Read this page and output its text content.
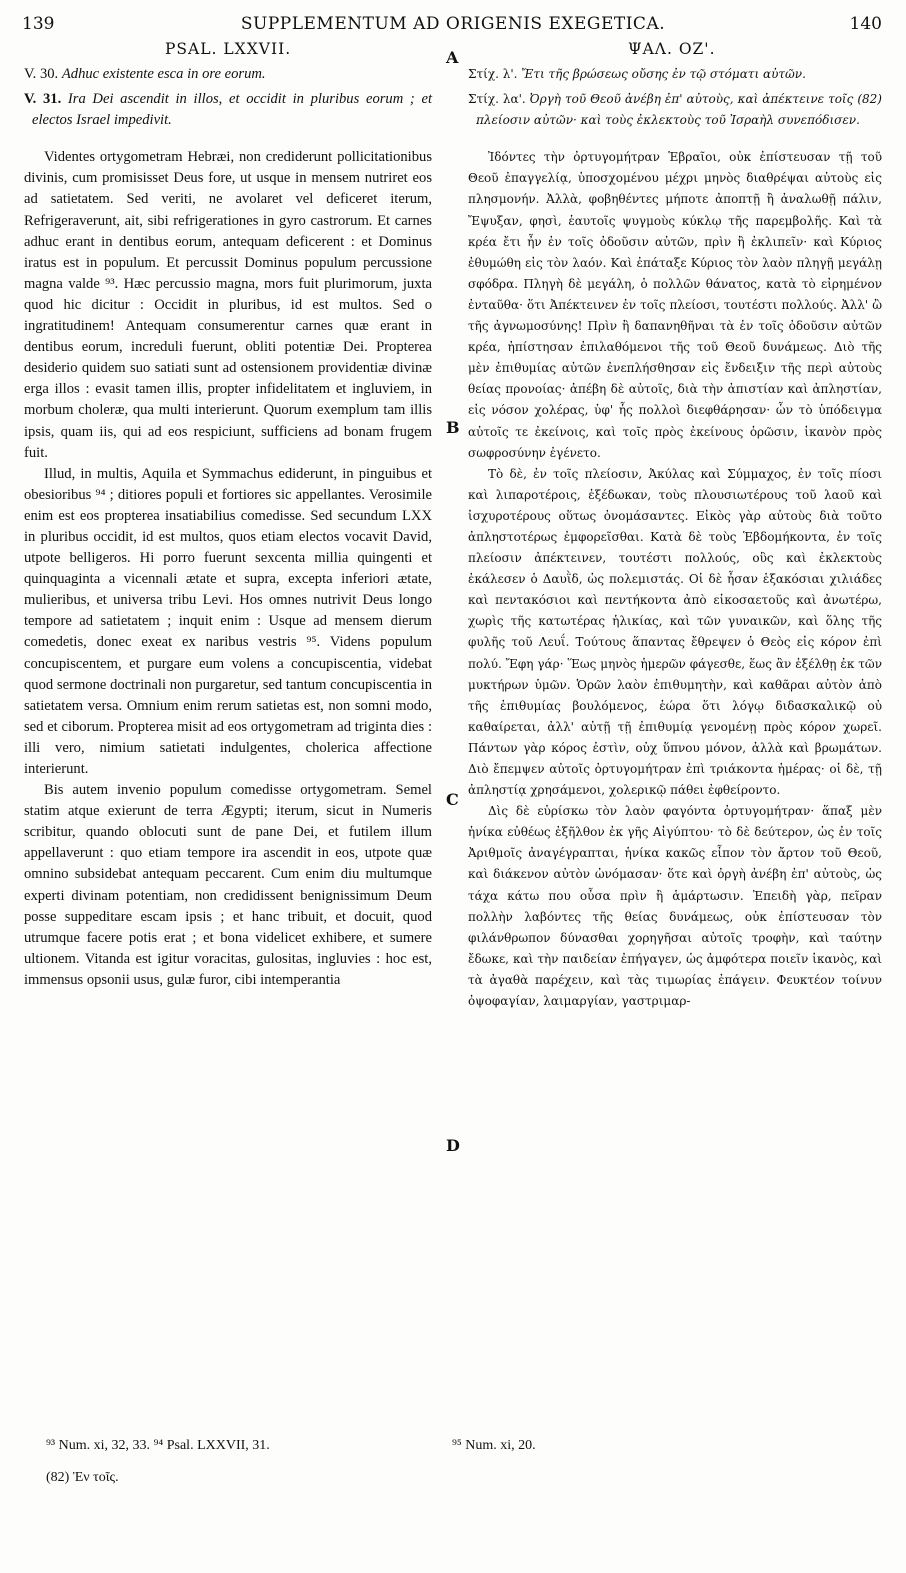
139	SUPPLEMENTUM AD ORIGENIS EXEGETICA.	140
PSAL. LXXVII.	ΨΑΛ. ΟΖ'.
A
B
C
D

V. 30. Adhuc existente esca in ore eorum.

V. 31. Ira Dei ascendit in illos, et occidit in pluribus eorum ; et electos Israel impedivit.

Videntes ortygometram Hebræi, non crediderunt pollicitationibus divinis, cum promisisset Deus fore, ut usque in mensem nutriret eos ad satietatem. Sed veriti, ne avolaret vel deficeret iterum, Refrigeraverunt, ait, sibi refrigerationes in gyro castrorum. Et carnes adhuc erant in dentibus eorum, antequam deficerent : et Dominus iratus est in populum. Et percussit Dominus populum percussione magna valde ⁹³. Hæc percussio magna, mors fuit plurimorum, juxta quod hic dicitur : Occidit in pluribus, id est multos. Sed o ingratitudinem! Antequam consumerentur carnes quæ erant in dentibus eorum, increduli fuerunt, obliti potentiæ Dei. Propterea desiderio quidem suo satiati sunt ad ostensionem providentiæ divinæ erga illos : evasit tamen illis, propter infidelitatem et ingluviem, in morbum choleræ, qua multi interierunt. Quorum exemplum tam illis ipsis, quam iis, qui ad eos respiciunt, sufficiens ad bonam frugem fuit.

Illud, in multis, Aquila et Symmachus ediderunt, in pinguibus et obesioribus ⁹⁴ ; ditiores populi et fortiores sic appellantes. Verosimile enim est eos propterea insatiabilius comedisse. Sed secundum LXX in pluribus occidit, id est multos, quos etiam electos vocavit David, utpote belligeros. Hi porro fuerunt sexcenta millia quingenti et quinquaginta a vicennali ætate et supra, excepta inferiori ætate, mulieribus, et universa tribu Levi. Hos omnes nutrivit Deus longo tempore ad satietatem ; inquit enim : Usque ad mensem dierum comedetis, donec exeat ex naribus vestris ⁹⁵. Videns populum concupiscentem, et purgare eum volens a concupiscentia, videbat quod sermone doctrinali non purgaretur, sed tantum concupiscentia in satietatem versa. Omnium enim rerum satietas est, non somni modo, sed et ciborum. Propterea misit ad eos ortygometram ad triginta dies : illi vero, nimium satietati indulgentes, cholerica affectione interierunt.

Bis autem invenio populum comedisse ortygometram. Semel statim atque exierunt de terra Ægypti; iterum, sicut in Numeris scribitur, quando oblocuti sunt de pane Dei, et futilem illum appellaverunt : quo etiam tempore ira ascendit in eos, utpote quæ omnino subsidebat antequam peccarent. Cum enim diu multumque experti divinam potentiam, non credidissent benignissimum Deum posse suppeditare escam ipsis ; et hanc tribuit, et docuit, quod utrumque facere potis erat ; et bona videlicet exhibere, et sumere ultionem. Vitanda est igitur voracitas, gulositas, ingluvies : hoc est, immensus opsonii usus, gulæ furor, cibi intemperantia

Στίχ. λ'. Ἔτι τῆς βρώσεως οὔσης ἐν τῷ στόματι αὐτῶν.

Στίχ. λα'. Ὀργὴ τοῦ Θεοῦ ἀνέβη ἐπ' αὐτοὺς, καὶ ἀπέκτεινε τοῖς (82) πλείοσιν αὐτῶν· καὶ τοὺς ἐκλεκτοὺς τοῦ Ἰσραὴλ συνεπόδισεν.

Ἰδόντες τὴν ὀρτυγομήτραν Ἑβραῖοι, οὐκ ἐπίστευσαν τῇ τοῦ Θεοῦ ἐπαγγελίᾳ, ὑποσχομένου μέχρι μηνὸς διαθρέψαι αὐτοὺς εἰς πλησμονήν. Ἀλλὰ, φοβηθέντες μήποτε ἀποπτῇ ἢ ἀναλωθῇ πάλιν, Ἔψυξαν, φησὶ, ἑαυτοῖς ψυγμοὺς κύκλῳ τῆς παρεμβολῆς. Καὶ τὰ κρέα ἔτι ἦν ἐν τοῖς ὀδοῦσιν αὐτῶν, πρὶν ἢ ἐκλιπεῖν· καὶ Κύριος ἐθυμώθη εἰς τὸν λαόν. Καὶ ἐπάταξε Κύριος τὸν λαὸν πληγῇ μεγάλῃ σφόδρα. Πληγὴ δὲ μεγάλη, ὁ πολλῶν θάνατος, κατὰ τὸ εἰρημένον ἐνταῦθα· ὅτι Ἀπέκτεινεν ἐν τοῖς πλείοσι, τουτέστι πολλούς. Ἀλλ' ὢ τῆς ἀγνωμοσύνης! Πρὶν ἢ δαπανηθῆναι τὰ ἐν τοῖς ὀδοῦσιν αὐτῶν κρέα, ἠπίστησαν ἐπιλαθόμενοι τῆς τοῦ Θεοῦ δυνάμεως. Διὸ τῆς μὲν ἐπιθυμίας αὐτῶν ἐνεπλήσθησαν εἰς ἔνδειξιν τῆς περὶ αὐτοὺς θείας προνοίας· ἀπέβη δὲ αὐτοῖς, διὰ τὴν ἀπιστίαν καὶ ἀπληστίαν, εἰς νόσον χολέρας, ὑφ' ἧς πολλοὶ διεφθάρησαν· ὧν τὸ ὑπόδειγμα αὐτοῖς τε ἐκείνοις, καὶ τοῖς πρὸς ἐκείνους ὁρῶσιν, ἱκανὸν πρὸς σωφροσύνην ἐγένετο.

Τὸ δὲ, ἐν τοῖς πλείοσιν, Ἀκύλας καὶ Σύμμαχος, ἐν τοῖς πίοσι καὶ λιπαροτέροις, ἐξέδωκαν, τοὺς πλουσιωτέρους τοῦ λαοῦ καὶ ἰσχυροτέρους οὕτως ὀνομάσαντες. Εἰκὸς γὰρ αὐτοὺς διὰ τοῦτο ἀπληστοτέρως ἐμφορεῖσθαι. Κατὰ δὲ τοὺς Ἑβδομήκοντα, ἐν τοῖς πλείοσιν ἀπέκτεινεν, τουτέστι πολλούς, οὓς καὶ ἐκλεκτοὺς ἐκάλεσεν ὁ Δαυῒδ, ὡς πολεμιστάς. Οἱ δὲ ἦσαν ἑξακόσιαι χιλιάδες καὶ πεντακόσιοι καὶ πεντήκοντα ἀπὸ εἰκοσαετοῦς καὶ ἀνωτέρω, χωρὶς τῆς κατωτέρας ἡλικίας, καὶ τῶν γυναικῶν, καὶ ὅλης τῆς φυλῆς τοῦ Λευΐ. Τούτους ἅπαντας ἔθρεψεν ὁ Θεὸς εἰς κόρον ἐπὶ πολύ. Ἔφη γάρ· Ἕως μηνὸς ἡμερῶν φάγεσθε, ἕως ἂν ἐξέλθῃ ἐκ τῶν μυκτήρων ὑμῶν. Ὁρῶν λαὸν ἐπιθυμητὴν, καὶ καθᾶραι αὐτὸν ἀπὸ τῆς ἐπιθυμίας βουλόμενος, ἑώρα ὅτι λόγῳ διδασκαλικῷ οὐ καθαίρεται, ἀλλ' αὐτῇ τῇ ἐπιθυμίᾳ γενομένῃ πρὸς κόρον χωρεῖ. Πάντων γὰρ κόρος ἐστὶν, οὐχ ὕπνου μόνον, ἀλλὰ καὶ βρωμάτων. Διὸ ἔπεμψεν αὐτοῖς ὀρτυγομήτραν ἐπὶ τριάκοντα ἡμέρας· οἱ δὲ, τῇ ἀπληστίᾳ χρησάμενοι, χολερικῷ πάθει ἐφθείροντο.

Δὶς δὲ εὑρίσκω τὸν λαὸν φαγόντα ὀρτυγομήτραν· ἅπαξ μὲν ἡνίκα εὐθέως ἐξῆλθον ἐκ γῆς Αἰγύπτου· τὸ δὲ δεύτερον, ὡς ἐν τοῖς Ἀριθμοῖς ἀναγέγραπται, ἡνίκα κακῶς εἶπον τὸν ἄρτον τοῦ Θεοῦ, καὶ διάκενον αὐτὸν ὠνόμασαν· ὅτε καὶ ὀργὴ ἀνέβη ἐπ' αὐτοὺς, ὡς τάχα κάτω που οὖσα πρὶν ἢ ἁμάρτωσιν. Ἐπειδὴ γὰρ, πεῖραν πολλὴν λαβόντες τῆς θείας δυνάμεως, οὐκ ἐπίστευσαν τὸν φιλάνθρωπον δύνασθαι χορηγῆσαι αὐτοῖς τροφὴν, καὶ ταύτην ἔδωκε, καὶ τὴν παιδείαν ἐπήγαγεν, ὡς ἀμφότερα ποιεῖν ἱκανὸς, καὶ τὰ ἀγαθὰ παρέχειν, καὶ τὰς τιμωρίας ἐπάγειν. Φευκτέον τοίνυν ὀψοφαγίαν, λαιμαργίαν, γαστριμαρ-

⁹³ Num. xi, 32, 33. ⁹⁴ Psal. LXXVII, 31.	⁹⁵ Num. xi, 20.
(82) Ἐν τοῖς.
